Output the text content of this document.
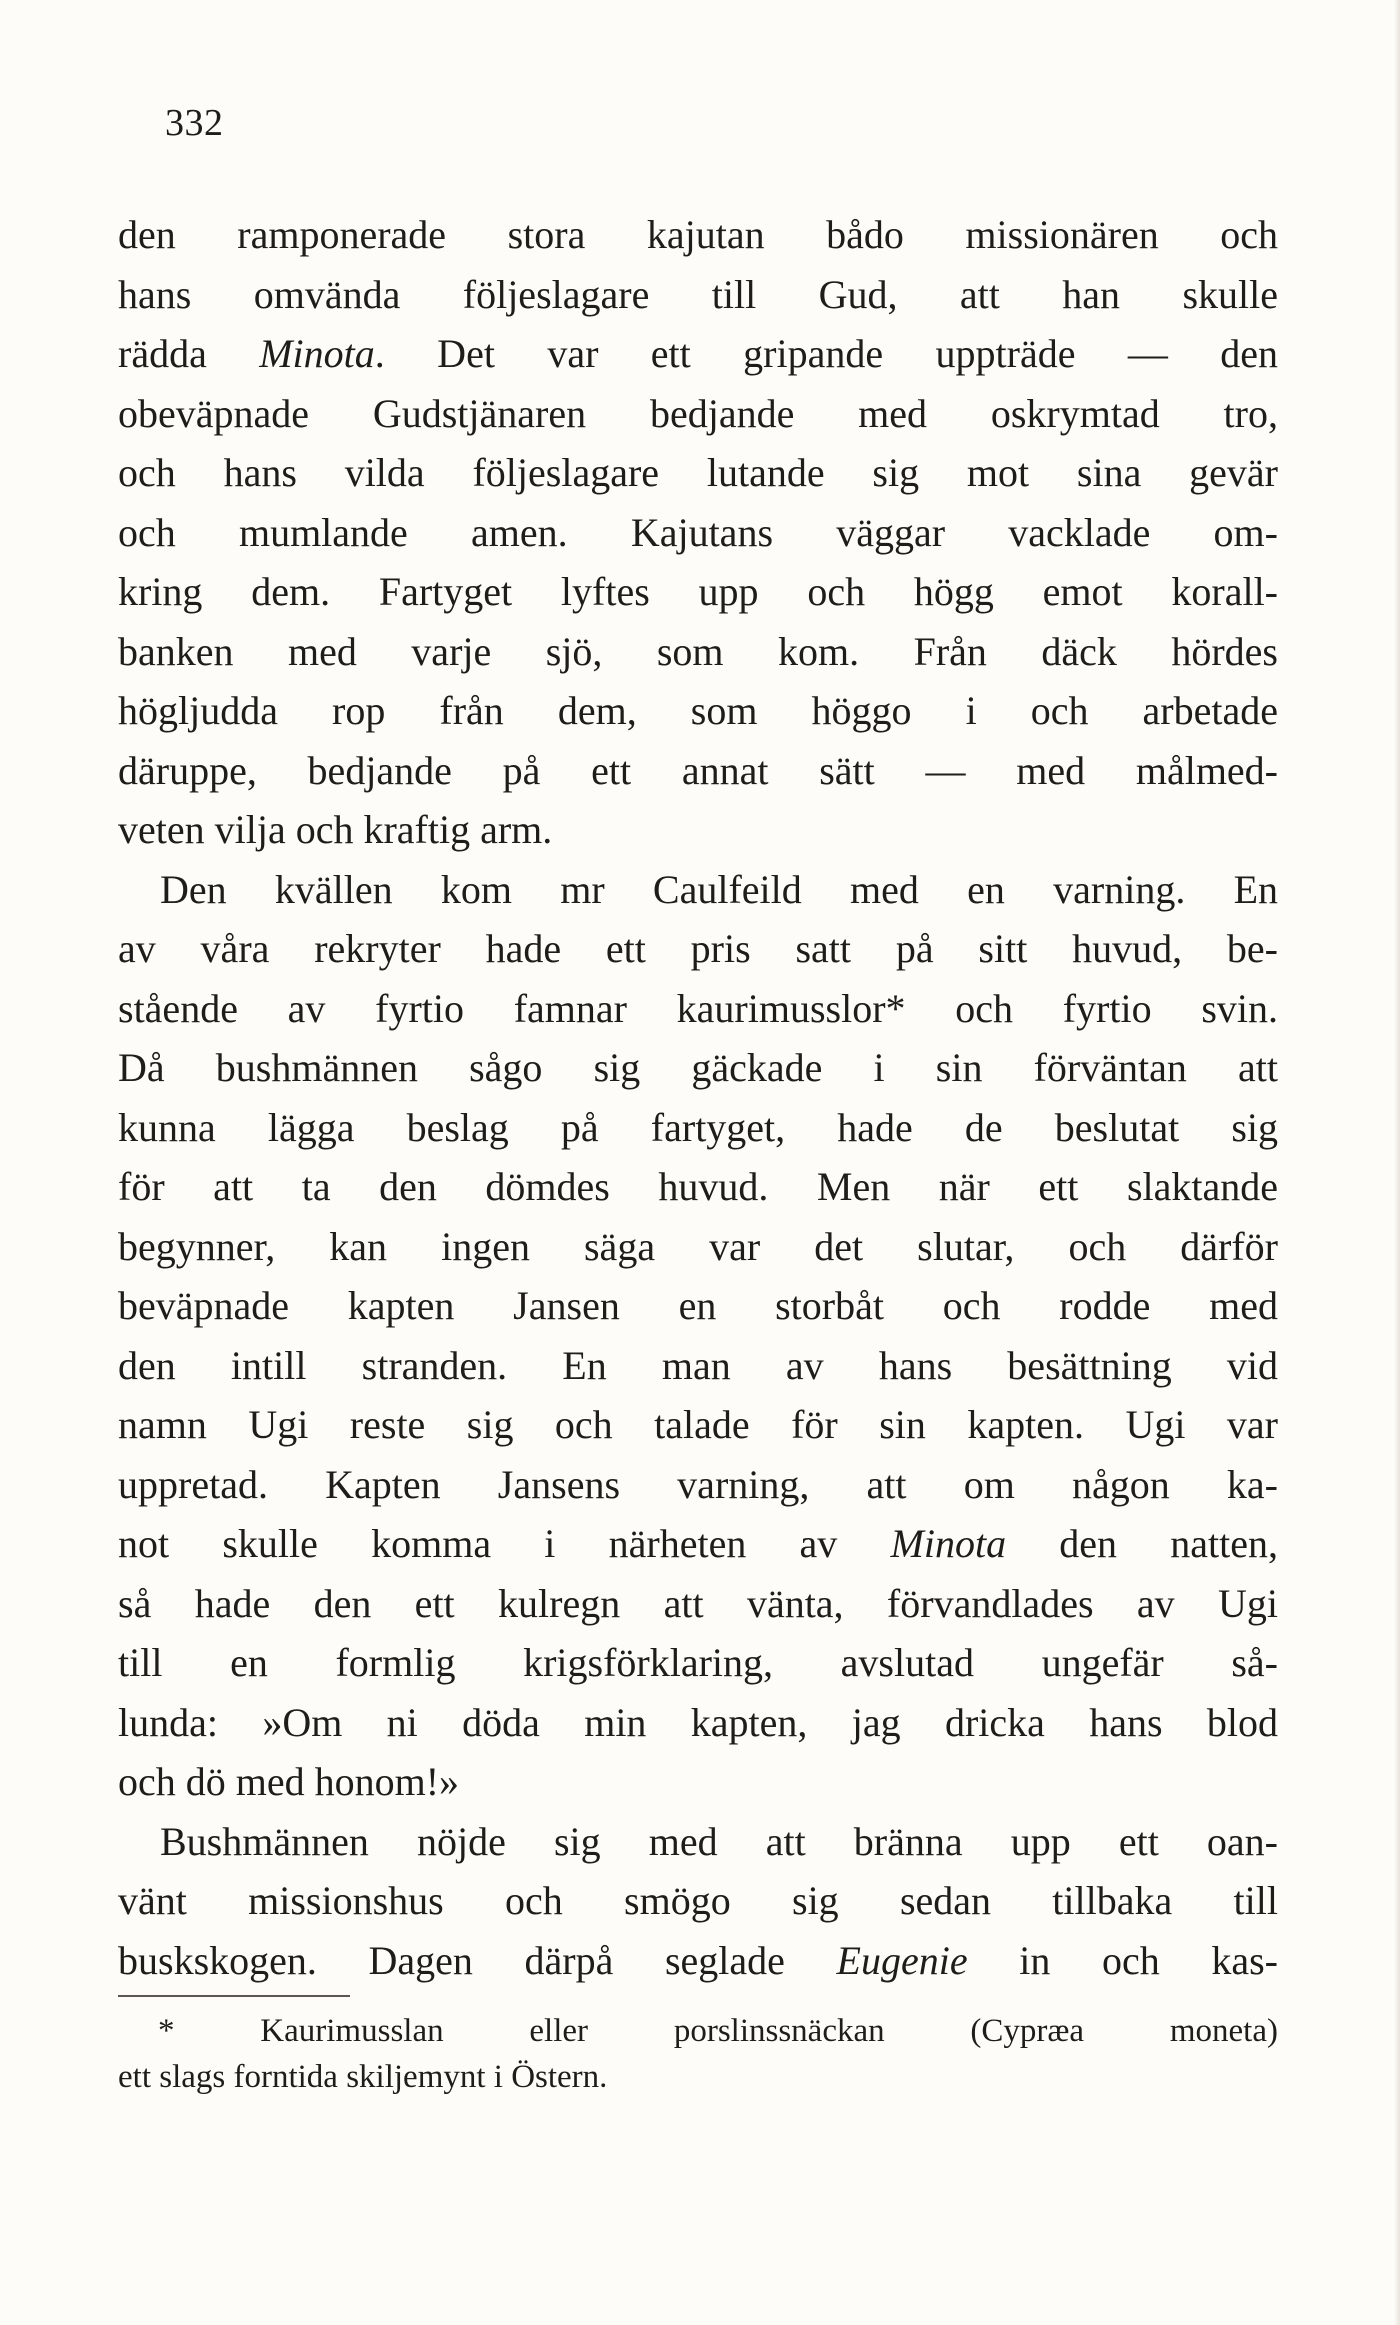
332
den ramponerade stora kajutan bådo missionären och
hans omvända följeslagare till Gud, att han skulle
rädda Minota. Det var ett gripande uppträde — den
obeväpnade Gudstjänaren bedjande med oskrymtad tro,
och hans vilda följeslagare lutande sig mot sina gevär
och mumlande amen. Kajutans väggar vacklade om-
kring dem. Fartyget lyftes upp och högg emot korall-
banken med varje sjö, som kom. Från däck hördes
högljudda rop från dem, som höggo i och arbetade
däruppe, bedjande på ett annat sätt — med målmed-
veten vilja och kraftig arm.
Den kvällen kom mr Caulfeild med en varning. En
av våra rekryter hade ett pris satt på sitt huvud, be-
stående av fyrtio famnar kaurimusslor* och fyrtio svin.
Då bushmännen sågo sig gäckade i sin förväntan att
kunna lägga beslag på fartyget, hade de beslutat sig
för att ta den dömdes huvud. Men när ett slaktande
begynner, kan ingen säga var det slutar, och därför
beväpnade kapten Jansen en storbåt och rodde med
den intill stranden. En man av hans besättning vid
namn Ugi reste sig och talade för sin kapten. Ugi var
uppretad. Kapten Jansens varning, att om någon ka-
not skulle komma i närheten av Minota den natten,
så hade den ett kulregn att vänta, förvandlades av Ugi
till en formlig krigsförklaring, avslutad ungefär så-
lunda: »Om ni döda min kapten, jag dricka hans blod
och dö med honom!»
Bushmännen nöjde sig med att bränna upp ett oan-
vänt missionshus och smögo sig sedan tillbaka till
buskskogen. Dagen därpå seglade Eugenie in och kas-
* Kaurimusslan eller porslinssnäckan (Cypræa moneta)
ett slags forntida skiljemynt i Östern.
